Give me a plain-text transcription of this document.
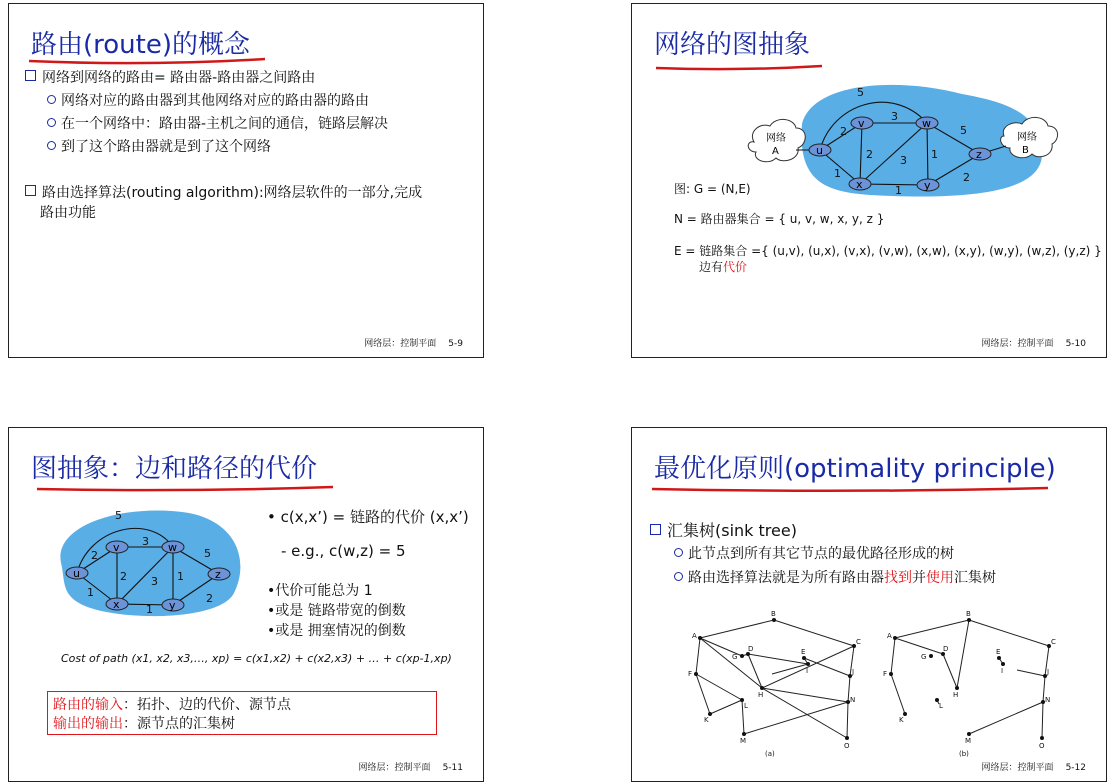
路由(route)的概念
网络到网络的路由= 路由器-路由器之间路由
网络对应的路由器到其他网络对应的路由器的路由
在一个网络中：路由器-主机之间的通信，链路层解决
到了这个路由器就是到了这个网络
路由选择算法(routing algorithm):网络层软件的一部分,完成
路由功能
网络层：控制平面 5-9
网络的图抽象
网络
A
网络
B
2
1
2
3
3
1
1
5
2
5
u
v	w
x	y
z
图: G = (N,E)
N = 路由器集合 = { u, v, w, x, y, z }
E = 链路集合 ={ (u,v), (u,x), (v,x), (v,w), (x,w), (x,y), (w,y), (w,z), (y,z) }
边有代价
网络层：控制平面 5-10
图抽象：边和路径的代价
2
1
2
3
3
1
1
5
2
5
u
v	w
x	y
z
• c(x,x’) = 链路的代价 (x,x’)
- e.g., c(w,z) = 5
•代价可能总为 1
•或是 链路带宽的倒数
•或是 拥塞情况的倒数
Cost of path (x1, x2, x3,…, xp) = c(x1,x2) + c(x2,x3) + … + c(xp-1,xp)
路由的输入：拓扑、边的代价、源节点
输出的输出：源节点的汇集树
网络层：控制平面 5-11
最优化原则(optimality principle)
汇集树(sink tree)
此节点到所有其它节点的最优路径形成的树
路由选择算法就是为所有路由器找到并使用汇集树
A
B
C
D	E
F
G
H
I	J
K
L
M
N
O
(a)
A
B
C
D	E
F
G
H
I	J
K
L
M
N
O
(b)
网络层：控制平面 5-12
